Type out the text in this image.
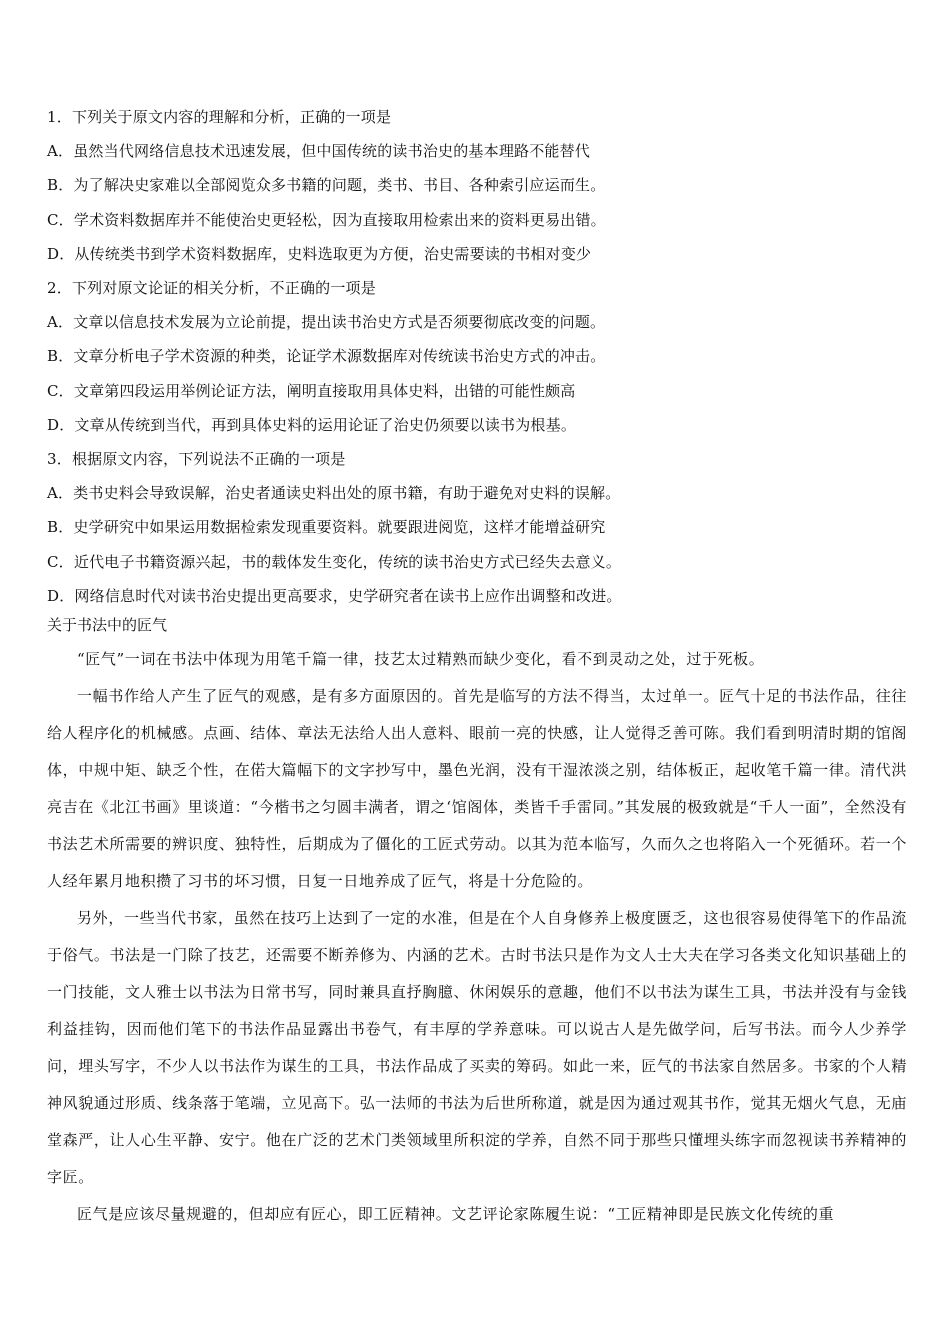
1．下列关于原文内容的理解和分析，正确的一项是
A．虽然当代网络信息技术迅速发展，但中国传统的读书治史的基本理路不能替代
B．为了解决史家难以全部阅览众多书籍的问题，类书、书目、各种索引应运而生。
C．学术资料数据库并不能使治史更轻松，因为直接取用检索出来的资料更易出错。
D．从传统类书到学术资料数据库，史料选取更为方便，治史需要读的书相对变少
2．下列对原文论证的相关分析，不正确的一项是
A．文章以信息技术发展为立论前提，提出读书治史方式是否须要彻底改变的问题。
B．文章分析电子学术资源的种类，论证学术源数据库对传统读书治史方式的冲击。
C．文章第四段运用举例论证方法，阐明直接取用具体史料，出错的可能性颇高
D．文章从传统到当代，再到具体史料的运用论证了治史仍须要以读书为根基。
3．根据原文内容，下列说法不正确的一项是
A．类书史料会导致误解，治史者通读史料出处的原书籍，有助于避免对史料的误解。
B．史学研究中如果运用数据检索发现重要资料。就要跟进阅览，这样才能增益研究
C．近代电子书籍资源兴起，书的载体发生变化，传统的读书治史方式已经失去意义。
D．网络信息时代对读书治史提出更高要求，史学研究者在读书上应作出调整和改进。
关于书法中的匠气

“匠气”一词在书法中体现为用笔千篇一律，技艺太过精熟而缺少变化，看不到灵动之处，过于死板。

一幅书作给人产生了匠气的观感，是有多方面原因的。首先是临写的方法不得当，太过单一。匠气十足的书法作品，往往给人程序化的机械感。点画、结体、章法无法给人出人意料、眼前一亮的快感，让人觉得乏善可陈。我们看到明清时期的馆阁体，中规中矩、缺乏个性，在偌大篇幅下的文字抄写中，墨色光润，没有干湿浓淡之别，结体板正，起收笔千篇一律。清代洪亮吉在《北江书画》里谈道：“今楷书之匀圆丰满者，谓之‘馆阁体，类皆千手雷同。”其发展的极致就是“千人一面”，全然没有书法艺术所需要的辨识度、独特性，后期成为了僵化的工匠式劳动。以其为范本临写，久而久之也将陷入一个死循环。若一个人经年累月地积攒了习书的坏习惯，日复一日地养成了匠气，将是十分危险的。

另外，一些当代书家，虽然在技巧上达到了一定的水准，但是在个人自身修养上极度匮乏，这也很容易使得笔下的作品流于俗气。书法是一门除了技艺，还需要不断养修为、内涵的艺术。古时书法只是作为文人士大夫在学习各类文化知识基础上的一门技能，文人雅士以书法为日常书写，同时兼具直抒胸臆、休闲娱乐的意趣，他们不以书法为谋生工具，书法并没有与金钱利益挂钩，因而他们笔下的书法作品显露出书卷气，有丰厚的学养意味。可以说古人是先做学问，后写书法。而今人少养学问，埋头写字，不少人以书法作为谋生的工具，书法作品成了买卖的筹码。如此一来，匠气的书法家自然居多。书家的个人精神风貌通过形质、线条落于笔端，立见高下。弘一法师的书法为后世所称道，就是因为通过观其书作，觉其无烟火气息，无庙堂森严，让人心生平静、安宁。他在广泛的艺术门类领域里所积淀的学养，自然不同于那些只懂埋头练字而忽视读书养精神的字匠。

匠气是应该尽量规避的，但却应有匠心，即工匠精神。文艺评论家陈履生说：“工匠精神即是民族文化传统的重
